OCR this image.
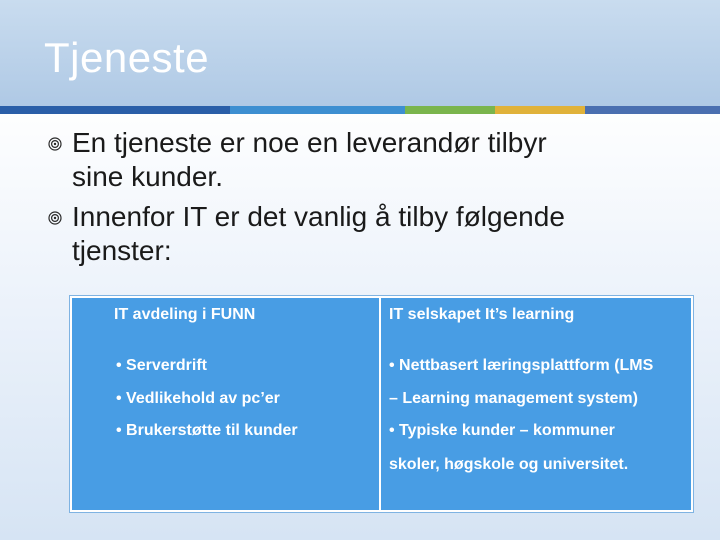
Tjeneste
En tjeneste er noe en leverandør tilbyr
sine kunder.
Innenfor IT er det vanlig å tilby følgende
tjenster:
IT avdeling i FUNN
• Serverdrift
• Vedlikehold av pc’er
• Brukerstøtte til kunder
IT selskapet It’s learning
• Nettbasert læringsplattform (LMS
– Learning management system)
• Typiske kunder – kommuner
skoler, høgskole og universitet.
